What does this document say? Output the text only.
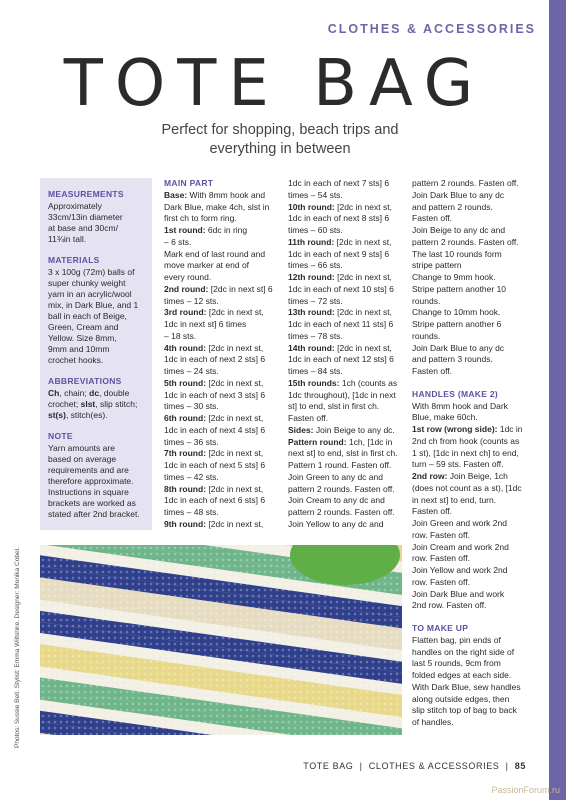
CLOTHES & ACCESSORIES
TOTE BAG
Perfect for shopping, beach trips and
everything in between
MEASUREMENTS

Approximately
33cm/13in diameter
at base and 30cm/
11¾in tall.

MATERIALS

3 x 100g (72m) balls of
super chunky weight
yarn in an acrylic/wool
mix, in Dark Blue, and 1
ball in each of Beige,
Green, Cream and
Yellow. Size 8mm,
9mm and 10mm
crochet hooks.

ABBREVIATIONS

Ch, chain; dc, double
crochet; slst, slip stitch;
st(s), stitch(es).

NOTE

Yarn amounts are
based on average
requirements and are
therefore approximate.
Instructions in square
brackets are worked as
stated after 2nd bracket.

MAIN PART
Base: With 8mm hook and
Dark Blue, make 4ch, slst in
first ch to form ring.
1st round: 6dc in ring
– 6 sts.
Mark end of last round and
move marker at end of
every round.
2nd round: [2dc in next st] 6
times – 12 sts.
3rd round: [2dc in next st,
1dc in next st] 6 times
– 18 sts.
4th round: [2dc in next st,
1dc in each of next 2 sts] 6
times – 24 sts.
5th round: [2dc in next st,
1dc in each of next 3 sts] 6
times – 30 sts.
6th round: [2dc in next st,
1dc in each of next 4 sts] 6
times – 36 sts.
7th round: [2dc in next st,
1dc in each of next 5 sts] 6
times – 42 sts.
8th round: [2dc in next st,
1dc in each of next 6 sts] 6
times – 48 sts.
9th round: [2dc in next st,
1dc in each of next 7 sts] 6
times – 54 sts.
10th round: [2dc in next st,
1dc in each of next 8 sts] 6
times – 60 sts.
11th round: [2dc in next st,
1dc in each of next 9 sts] 6
times – 66 sts.
12th round: [2dc in next st,
1dc in each of next 10 sts] 6
times – 72 sts.
13th round: [2dc in next st,
1dc in each of next 11 sts] 6
times – 78 sts.
14th round: [2dc in next st,
1dc in each of next 12 sts] 6
times – 84 sts.
15th rounds: 1ch (counts as
1dc throughout), [1dc in next
st] to end, slst in first ch.
Fasten off.
Sides: Join Beige to any dc.
Pattern round: 1ch, [1dc in
next st] to end, slst in first ch.
Pattern 1 round. Fasten off.
Join Green to any dc and
pattern 2 rounds. Fasten off.
Join Cream to any dc and
pattern 2 rounds. Fasten off.
Join Yellow to any dc and
pattern 2 rounds. Fasten off.
Join Dark Blue to any dc
and pattern 2 rounds.
Fasten off.
Join Beige to any dc and
pattern 2 rounds. Fasten off.
The last 10 rounds form
stripe pattern
Change to 9mm hook.
Stripe pattern another 10
rounds.
Change to 10mm hook.
Stripe pattern another 6
rounds.
Join Dark Blue to any dc
and pattern 3 rounds.
Fasten off.
HANDLES (MAKE 2)
With 8mm hook and Dark
Blue, make 60ch.
1st row (wrong side): 1dc in
2nd ch from hook (counts as
1 st), [1dc in next ch] to end,
turn – 59 sts. Fasten off.
2nd row: Join Beige, 1ch
(does not count as a st), [1dc
in next st] to end, turn.
Fasten off.
Join Green and work 2nd
row. Fasten off.
Join Cream and work 2nd
row. Fasten off.
Join Yellow and work 2nd
row. Fasten off.
Join Dark Blue and work
2nd row. Fasten off.
TO MAKE UP
Flatten bag, pin ends of
handles on the right side of
last 5 rounds, 9cm from
folded edges at each side.
With Dark Blue, sew handles
along outside edges, then
slip stitch top of bag to back
of handles.
Photos: Sussie Bell. Stylist: Emma Wiltshire. Designer: Monika Cobel.
TOTE BAG | CLOTHES & ACCESSORIES | 85
PassionForum.ru
